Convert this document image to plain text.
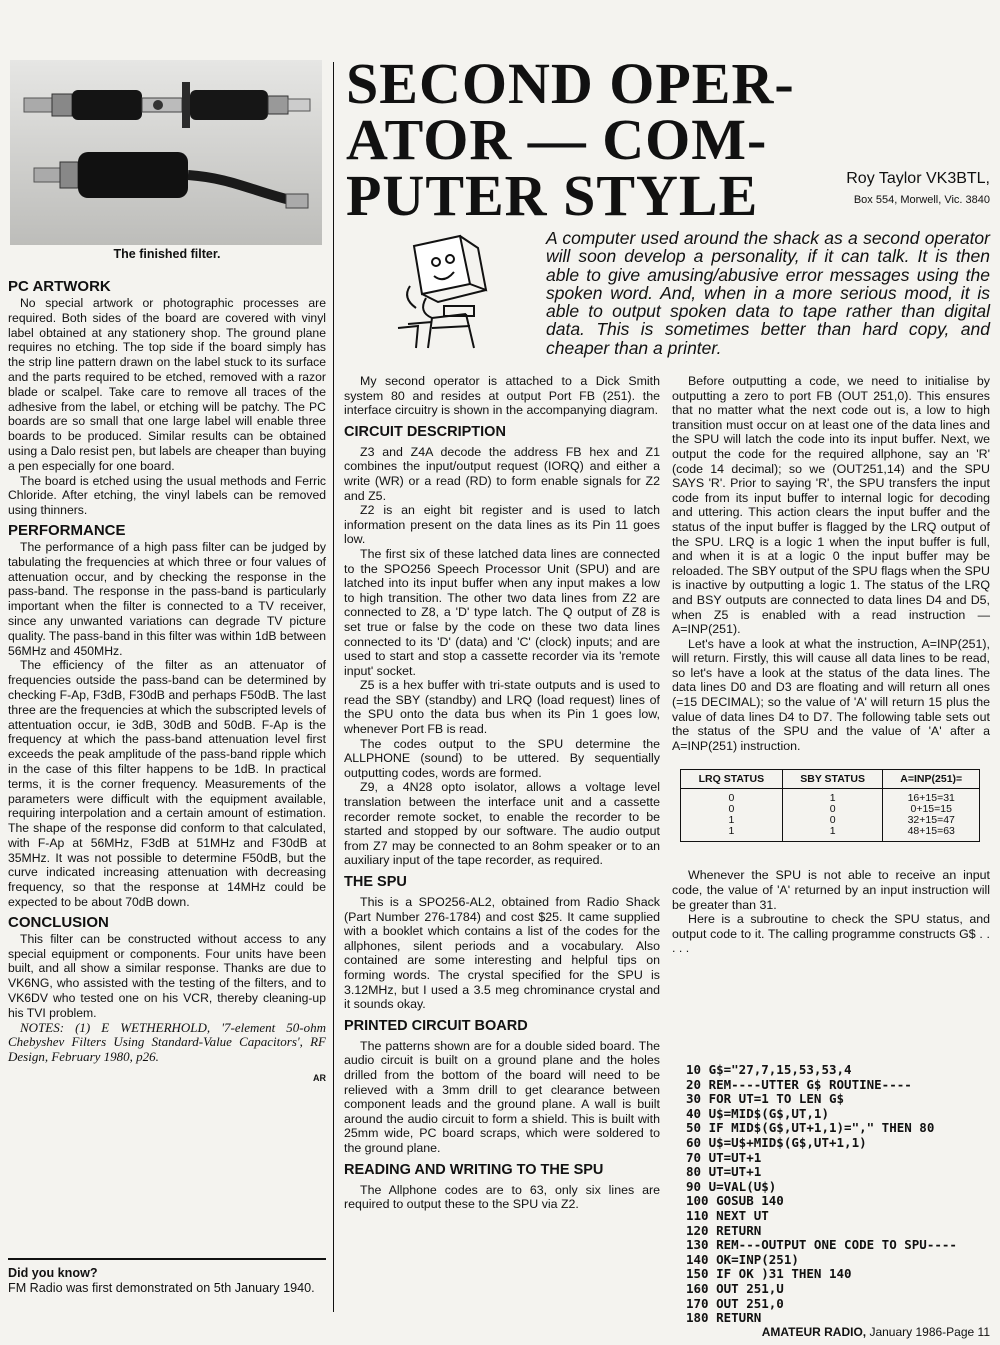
The finished filter.
PC ARTWORK

No special artwork or photographic processes are required. Both sides of the board are covered with vinyl label obtained at any stationery shop. The ground plane requires no etching. The top side if the board simply has the strip line pattern drawn on the label stuck to its surface and the parts required to be etched, removed with a razor blade or scalpel. Take care to remove all traces of the adhesive from the label, or etching will be patchy. The PC boards are so small that one large label will enable three boards to be produced. Similar results can be obtained using a Dalo resist pen, but labels are cheaper than buying a pen especially for one board.

The board is etched using the usual methods and Ferric Chloride. After etching, the vinyl labels can be removed using thinners.

PERFORMANCE

The performance of a high pass filter can be judged by tabulating the frequencies at which three or four values of attenuation occur, and by checking the response in the pass-band. The response in the pass-band is particularly important when the filter is connected to a TV receiver, since any unwanted variations can degrade TV picture quality. The pass-band in this filter was within 1dB between 56MHz and 450MHz.

The efficiency of the filter as an attenuator of frequencies outside the pass-band can be determined by checking F-Ap, F3dB, F30dB and perhaps F50dB. The last three are the frequencies at which the subscripted levels of attentuation occur, ie 3dB, 30dB and 50dB. F-Ap is the frequency at which the pass-band attenuation level first exceeds the peak amplitude of the pass-band ripple which in the case of this filter happens to be 1dB. In practical terms, it is the corner frequency. Measurements of the parameters were difficult with the equipment available, requiring interpolation and a certain amount of estimation. The shape of the response did conform to that calculated, with F-Ap at 56MHz, F3dB at 51MHz and F30dB at 35MHz. It was not possible to determine F50dB, but the curve indicated increasing attenuation with decreasing frequency, so that the response at 14MHz could be expected to be about 70dB down.

CONCLUSION

This filter can be constructed without access to any special equipment or components. Four units have been built, and all show a similar response. Thanks are due to VK6NG, who assisted with the testing of the filters, and to VK6DV who tested one on his VCR, thereby cleaning-up his TVI problem.

NOTES: (1) E WETHERHOLD, '7-element 50-ohm Chebyshev Filters Using Standard-Value Capacitors', RF Design, February 1980, p26.

AR
Did you know?
FM Radio was first demonstrated on 5th January 1940.
SECOND OPER-
ATOR — COM-
PUTER STYLE	Roy Taylor VK3BTL,
Box 554, Morwell, Vic. 3840
A computer used around the shack as a second operator will soon develop a personality, if it can talk. It is then able to give amusing/abusive error messages using the spoken word. And, when in a more serious mood, it is able to output spoken data to tape rather than digital data. This is sometimes better than hard copy, and cheaper than a printer.

My second operator is attached to a Dick Smith system 80 and resides at output Port FB (251). the interface circuitry is shown in the accompanying diagram.

CIRCUIT DESCRIPTION

Z3 and Z4A decode the address FB hex and Z1 combines the input/output request (IORQ) and either a write (WR) or a read (RD) to form enable signals for Z2 and Z5.

Z2 is an eight bit register and is used to latch information present on the data lines as its Pin 11 goes low.

The first six of these latched data lines are connected to the SPO256 Speech Processor Unit (SPU) and are latched into its input buffer when any input makes a low to high transition. The other two data lines from Z2 are connected to Z8, a 'D' type latch. The Q output of Z8 is set true or false by the code on these two data lines connected to its 'D' (data) and 'C' (clock) inputs; and are used to start and stop a cassette recorder via its 'remote input' socket.

Z5 is a hex buffer with tri-state outputs and is used to read the SBY (standby) and LRQ (load request) lines of the SPU onto the data bus when its Pin 1 goes low, whenever Port FB is read.

The codes output to the SPU determine the ALLPHONE (sound) to be uttered. By sequentially outputting codes, words are formed.

Z9, a 4N28 opto isolator, allows a voltage level translation between the interface unit and a cassette recorder remote socket, to enable the recorder to be started and stopped by our software. The audio output from Z7 may be connected to an 8ohm speaker or to an auxiliary input of the tape recorder, as required.

THE SPU

This is a SPO256-AL2, obtained from Radio Shack (Part Number 276-1784) and cost $25. It came supplied with a booklet which contains a list of the codes for the allphones, silent periods and a vocabulary. Also contained are some interesting and helpful tips on forming words. The crystal specified for the SPU is 3.12MHz, but I used a 3.5 meg chrominance crystal and it sounds okay.

PRINTED CIRCUIT BOARD

The patterns shown are for a double sided board. The audio circuit is built on a ground plane and the holes drilled from the bottom of the board will need to be relieved with a 3mm drill to get clearance between component leads and the ground plane. A wall is built around the audio circuit to form a shield. This is built with 25mm wide, PC board scraps, which were soldered to the ground plane.

READING AND WRITING TO THE SPU

The Allphone codes are to 63, only six lines are required to output these to the SPU via Z2.

Before outputting a code, we need to initialise by outputting a zero to port FB (OUT 251,0). This ensures that no matter what the next code out is, a low to high transition must occur on at least one of the data lines and the SPU will latch the code into its input buffer. Next, we output the code for the required allphone, say an 'R' (code 14 decimal); so we (OUT251,14) and the SPU SAYS 'R'. Prior to saying 'R', the SPU transfers the input code from its input buffer to internal logic for decoding and uttering. This action clears the input buffer and the status of the input buffer is flagged by the LRQ output of the SPU. LRQ is a logic 1 when the input buffer is full, and when it is at a logic 0 the input buffer may be reloaded. The SBY output of the SPU flags when the SPU is inactive by outputting a logic 1. The status of the LRQ and BSY outputs are connected to data lines D4 and D5, when Z5 is enabled with a read instruction — A=INP(251).

Let's have a look at what the instruction, A=INP(251), will return. Firstly, this will cause all data lines to be read, so let's have a look at the status of the data lines. The data lines D0 and D3 are floating and will return all ones (=15 DECIMAL); so the value of 'A' will return 15 plus the value of data lines D4 to D7. The following table sets out the status of the SPU and the value of 'A' after a A=INP(251) instruction.

LRQ STATUS	SBY STATUS	A=INP(251)=
0	1	16+15=31
0	0	0+15=15
1	0	32+15=47
1	1	48+15=63

Whenever the SPU is not able to receive an input code, the value of 'A' returned by an input instruction will be greater than 31.

Here is a subroutine to check the SPU status, and output code to it. The calling programme constructs G$ . . . . .

10 G$="27,7,15,53,53,4
20 REM----UTTER G$ ROUTINE----
30 FOR UT=1 TO LEN G$
40 U$=MID$(G$,UT,1)
50 IF MID$(G$,UT+1,1)="," THEN 80
60 U$=U$+MID$(G$,UT+1,1)
70 UT=UT+1
80 UT=UT+1
90 U=VAL(U$)
100 GOSUB 140
110 NEXT UT
120 RETURN
130 REM---OUTPUT ONE CODE TO SPU----
140 OK=INP(251)
150 IF OK )31 THEN 140
160 OUT 251,U
170 OUT 251,0
180 RETURN
AMATEUR RADIO, January 1986-Page 11
